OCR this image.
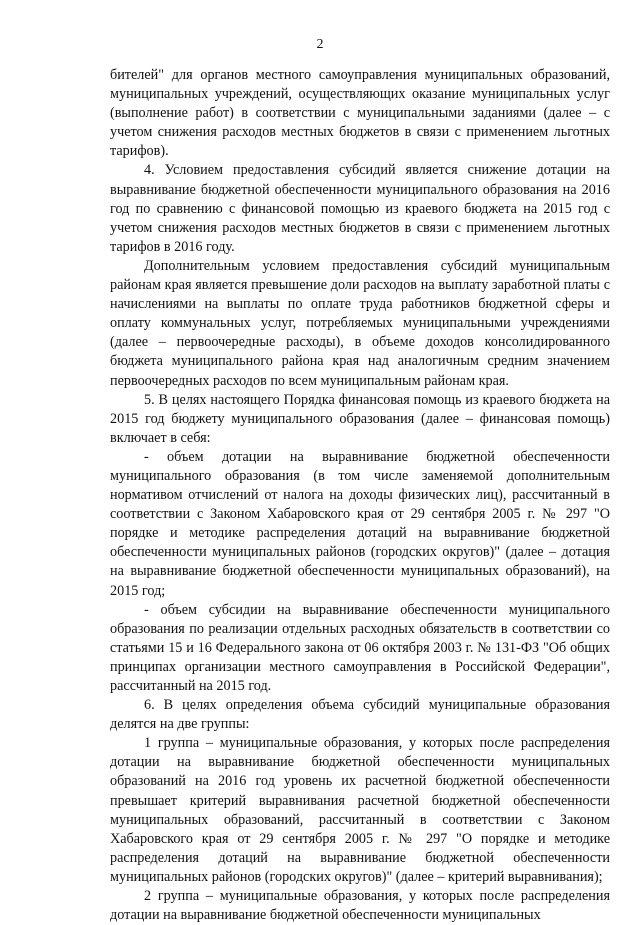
2

бителей" для органов местного самоуправления муниципальных образований, муниципальных учреждений, осуществляющих оказание муниципальных услуг (выполнение работ) в соответствии с муниципальными заданиями (далее – с учетом снижения расходов местных бюджетов в связи с применением льготных тарифов).

4. Условием предоставления субсидий является снижение дотации на выравнивание бюджетной обеспеченности муниципального образования на 2016 год по сравнению с финансовой помощью из краевого бюджета на 2015 год с учетом снижения расходов местных бюджетов в связи с применением льготных тарифов в 2016 году.

Дополнительным условием предоставления субсидий муниципальным районам края является превышение доли расходов на выплату заработной платы с начислениями на выплаты по оплате труда работников бюджетной сферы и оплату коммунальных услуг, потребляемых муниципальными учреждениями (далее – первоочередные расходы), в объеме доходов консолидированного бюджета муниципального района края над аналогичным средним значением первоочередных расходов по всем муниципальным районам края.

5. В целях настоящего Порядка финансовая помощь из краевого бюджета на 2015 год бюджету муниципального образования (далее – финансовая помощь) включает в себя:

- объем дотации на выравнивание бюджетной обеспеченности муниципального образования (в том числе заменяемой дополнительным нормативом отчислений от налога на доходы физических лиц), рассчитанный в соответствии с Законом Хабаровского края от 29 сентября 2005 г. № 297 "О порядке и методике распределения дотаций на выравнивание бюджетной обеспеченности муниципальных районов (городских округов)" (далее – дотация на выравнивание бюджетной обеспеченности муниципальных образований), на 2015 год;

- объем субсидии на выравнивание обеспеченности муниципального образования по реализации отдельных расходных обязательств в соответствии со статьями 15 и 16 Федерального закона от 06 октября 2003 г. № 131-ФЗ "Об общих принципах организации местного самоуправления в Российской Федерации", рассчитанный на 2015 год.

6. В целях определения объема субсидий муниципальные образования делятся на две группы:

1 группа – муниципальные образования, у которых после распределения дотации на выравнивание бюджетной обеспеченности муниципальных образований на 2016 год уровень их расчетной бюджетной обеспеченности превышает критерий выравнивания расчетной бюджетной обеспеченности муниципальных образований, рассчитанный в соответствии с Законом Хабаровского края от 29 сентября 2005 г. № 297 "О порядке и методике распределения дотаций на выравнивание бюджетной обеспеченности муниципальных районов (городских округов)" (далее – критерий выравнивания);

2 группа – муниципальные образования, у которых после распределения дотации на выравнивание бюджетной обеспеченности муниципальных
